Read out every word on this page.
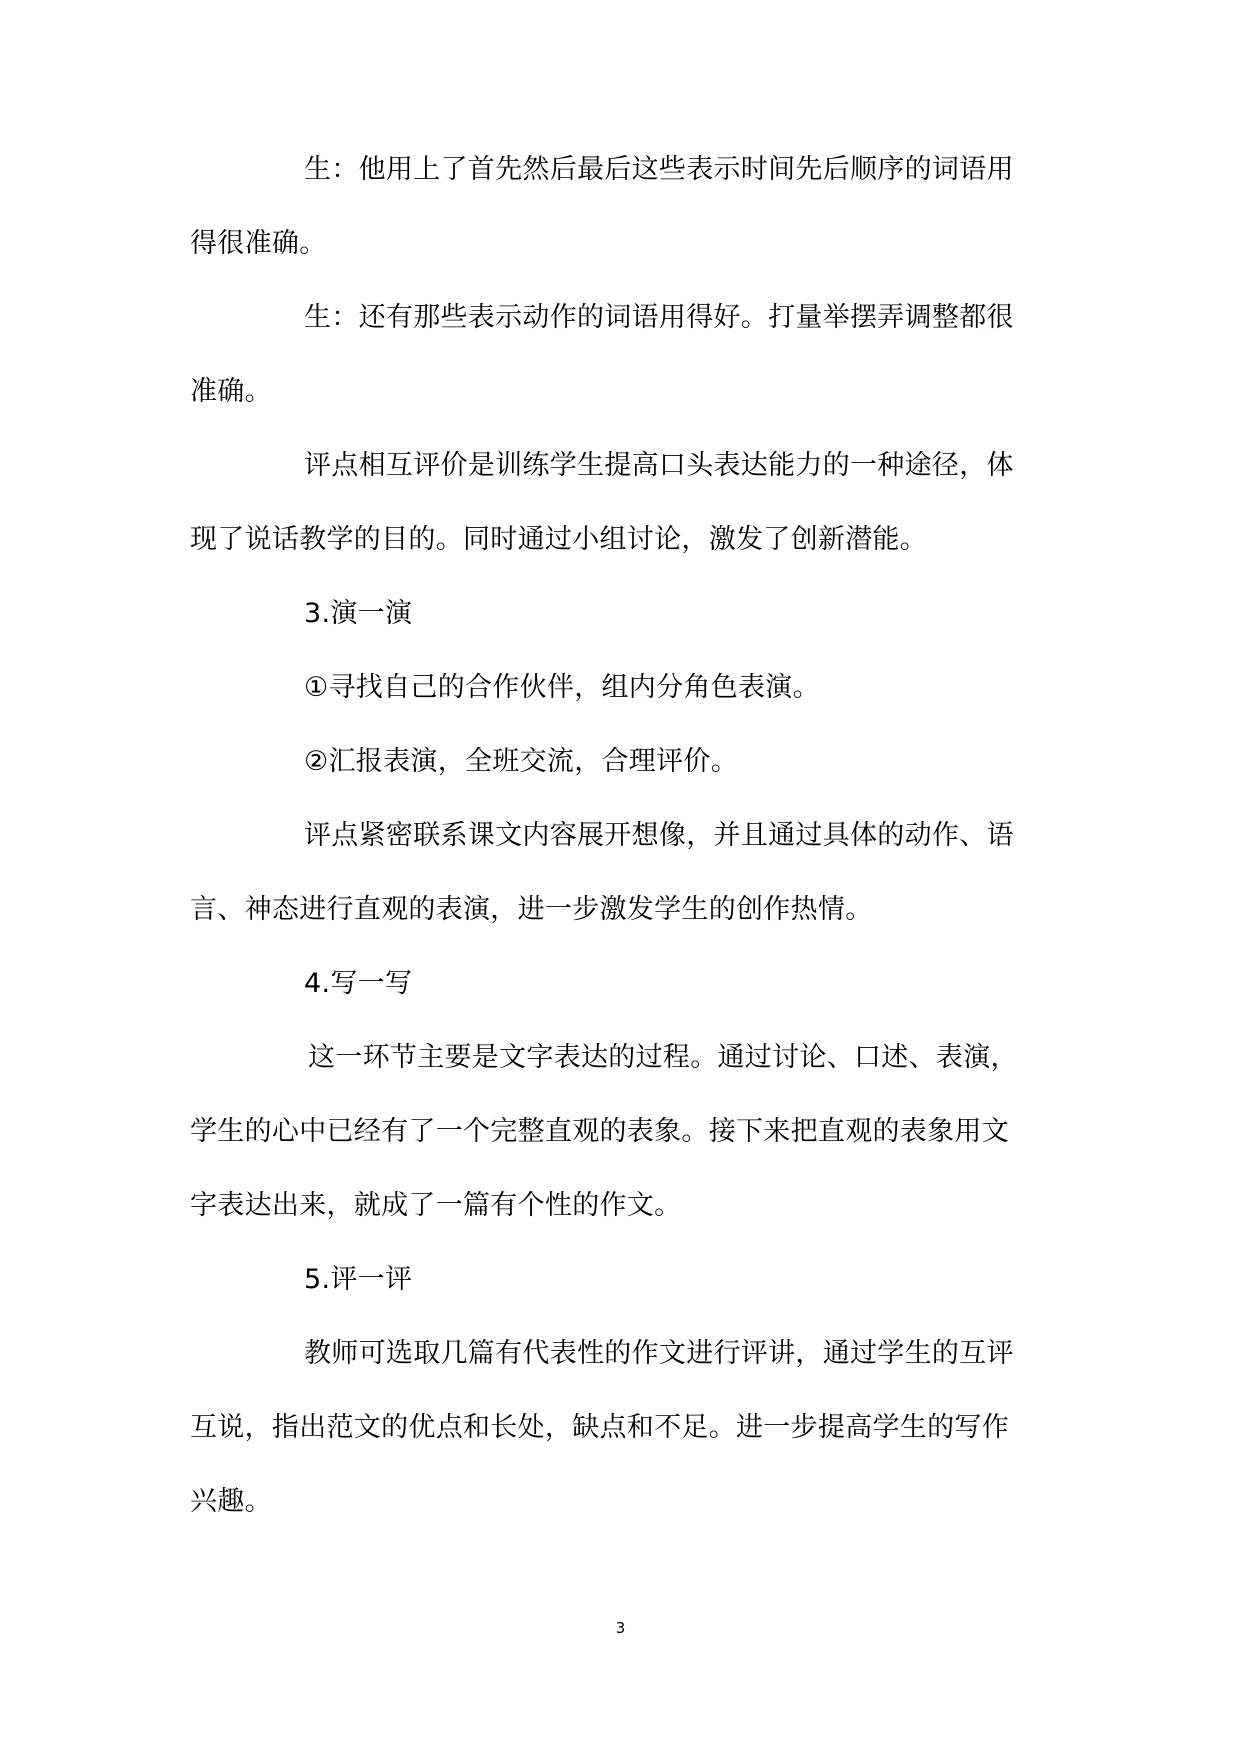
生：他用上了首先然后最后这些表示时间先后顺序的词语用
得很准确。
生：还有那些表示动作的词语用得好。打量举摆弄调整都很
准确。
评点相互评价是训练学生提高口头表达能力的一种途径，体
现了说话教学的目的。同时通过小组讨论，激发了创新潜能。
3.演一演
①寻找自己的合作伙伴，组内分角色表演。
②汇报表演，全班交流，合理评价。
评点紧密联系课文内容展开想像，并且通过具体的动作、语
言、神态进行直观的表演，进一步激发学生的创作热情。
4.写一写
这一环节主要是文字表达的过程。通过讨论、口述、表演，
学生的心中已经有了一个完整直观的表象。接下来把直观的表象用文
字表达出来，就成了一篇有个性的作文。
5.评一评
教师可选取几篇有代表性的作文进行评讲，通过学生的互评
互说，指出范文的优点和长处，缺点和不足。进一步提高学生的写作
兴趣。
3
